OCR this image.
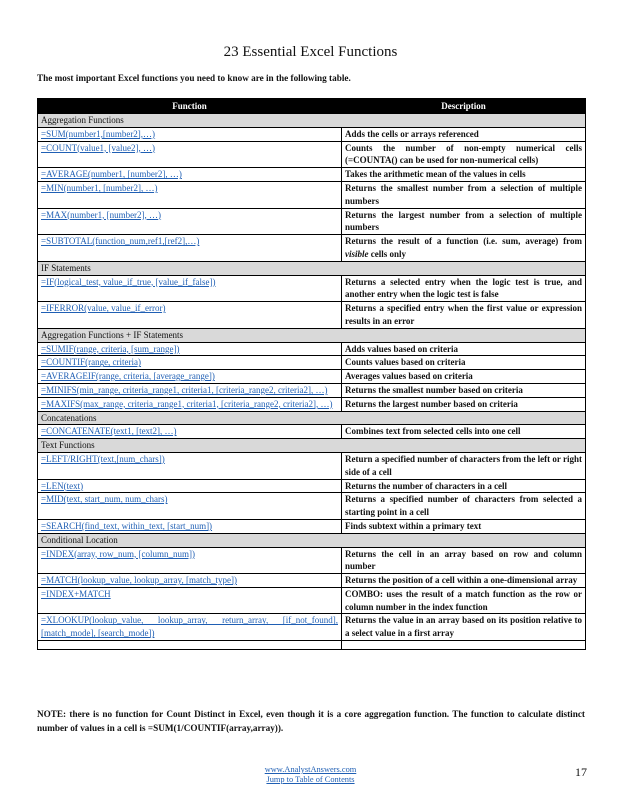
23 Essential Excel Functions
The most important Excel functions you need to know are in the following table.
Function	Description
Aggregation Functions	
=SUM(number1,[number2],…)	Adds the cells or arrays referenced
=COUNT(value1, [value2], …)	Counts the number of non-empty numerical cells (=COUNTA() can be used for non-numerical cells)
=AVERAGE(number1, [number2], …)	Takes the arithmetic mean of the values in cells
=MIN(number1, [number2], …)	Returns the smallest number from a selection of multiple numbers
=MAX(number1, [number2], …)	Returns the largest number from a selection of multiple numbers
=SUBTOTAL(function_num,ref1,[ref2],…)	Returns the result of a function (i.e. sum, average) from visible cells only
IF Statements	
=IF(logical_test, value_if_true, [value_if_false])	Returns a selected entry when the logic test is true, and another entry when the logic test is false
=IFERROR(value, value_if_error)	Returns a specified entry when the first value or expression results in an error
Aggregation Functions + IF Statements	
=SUMIF(range, criteria, [sum_range])	Adds values based on criteria
=COUNTIF(range, criteria)	Counts values based on criteria
=AVERAGEIF(range, criteria, [average_range])	Averages values based on criteria
=MINIFS(min_range, criteria_range1, criteria1, [criteria_range2, criteria2], …)	Returns the smallest number based on criteria
=MAXIFS(max_range, criteria_range1, criteria1, [criteria_range2, criteria2], …)	Returns the largest number based on criteria
Concatenations	
=CONCATENATE(text1, [text2], …)	Combines text from selected cells into one cell
Text Functions	
=LEFT/RIGHT(text,[num_chars])	Return a specified number of characters from the left or right side of a cell
=LEN(text)	Returns the number of characters in a cell
=MID(text, start_num, num_chars)	Returns a specified number of characters from selected a starting point in a cell
=SEARCH(find_text, within_text, [start_num])	Finds subtext within a primary text
Conditional Location	
=INDEX(array, row_num, [column_num])	Returns the cell in an array based on row and column number
=MATCH(lookup_value, lookup_array, [match_type])	Returns the position of a cell within a one-dimensional array
=INDEX+MATCH	COMBO: uses the result of a match function as the row or column number in the index function
=XLOOKUP(lookup_value, lookup_array, return_array, [if_not_found], [match_mode], [search_mode])	Returns the value in an array based on its position relative to a select value in a first array

NOTE: there is no function for Count Distinct in Excel, even though it is a core aggregation function. The function to calculate distinct number of values in a cell is =SUM(1/COUNTIF(array,array)).
www.AnalystAnswers.com
Jump to Table of Contents
17
